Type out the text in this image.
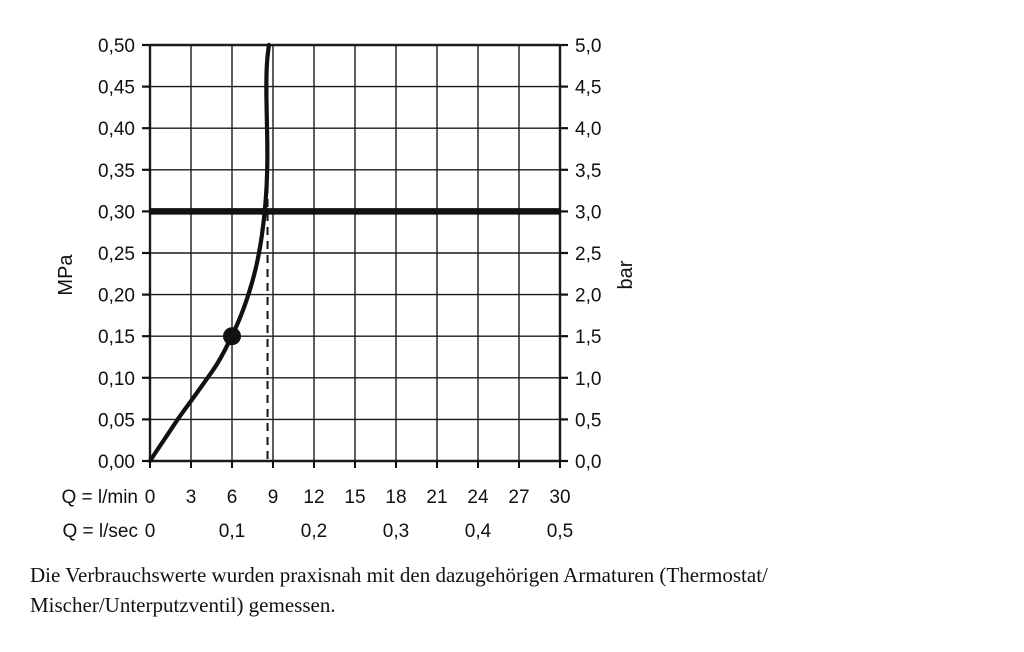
0,00
0,05
0,10
0,15
0,20
0,25
0,30
0,35
0,40
0,45
0,50
0,0
0,5
1,0
1,5
2,0
2,5
3,0
3,5
4,0
4,5
5,0
Q = l/min 0 3 6 9 12 15 18 21 24 27 30
Q = l/sec 0	0,1	0,2	0,3	0,4	0,5
MPa	bar
Die Verbrauchswerte wurden praxisnah mit den dazugehörigen Armaturen (Thermostat/
Mischer/Unterputzventil) gemessen.
